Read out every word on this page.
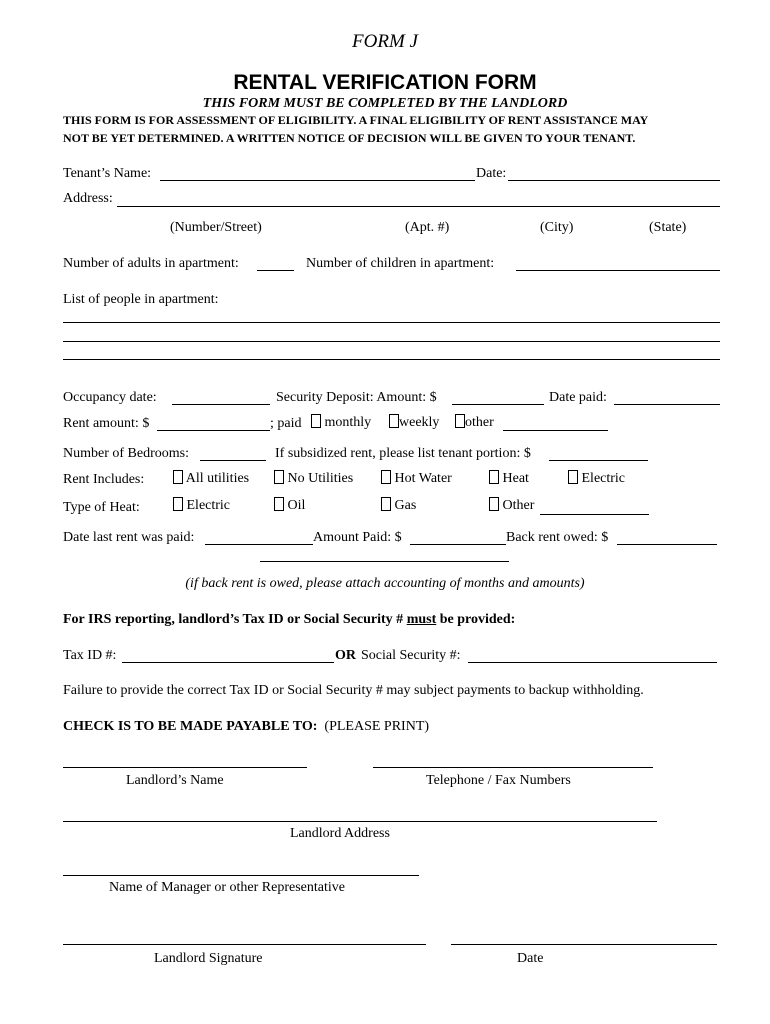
FORM J
RENTAL VERIFICATION FORM
THIS FORM MUST BE COMPLETED BY THE LANDLORD
THIS FORM IS FOR ASSESSMENT OF ELIGIBILITY. A FINAL ELIGIBILITY OF RENT ASSISTANCE MAY
NOT BE YET DETERMINED. A WRITTEN NOTICE OF DECISION WILL BE GIVEN TO YOUR TENANT.
Tenant’s Name:	Date:
Address:
(Number/Street)	(Apt. #)	(City)	(State)
Number of adults in apartment:	Number of children in apartment:
List of people in apartment:
Occupancy date:	Security Deposit: Amount: $	Date paid:
Rent amount: $	; paid	monthly	weekly	other
Number of Bedrooms:	If subsidized rent, please list tenant portion: $
Rent Includes:	All utilities	No Utilities	Hot Water	Heat	Electric
Type of Heat:	Electric	Oil	Gas	Other
Date last rent was paid:	Amount Paid: $	Back rent owed: $
(if back rent is owed, please attach accounting of months and amounts)
For IRS reporting, landlord’s Tax ID or Social Security # must be provided:
Tax ID #:	OR Social Security #:
Failure to provide the correct Tax ID or Social Security # may subject payments to backup withholding.
CHECK IS TO BE MADE PAYABLE TO: (PLEASE PRINT)
Landlord’s Name	Telephone / Fax Numbers
Landlord Address
Name of Manager or other Representative
Landlord Signature	Date
